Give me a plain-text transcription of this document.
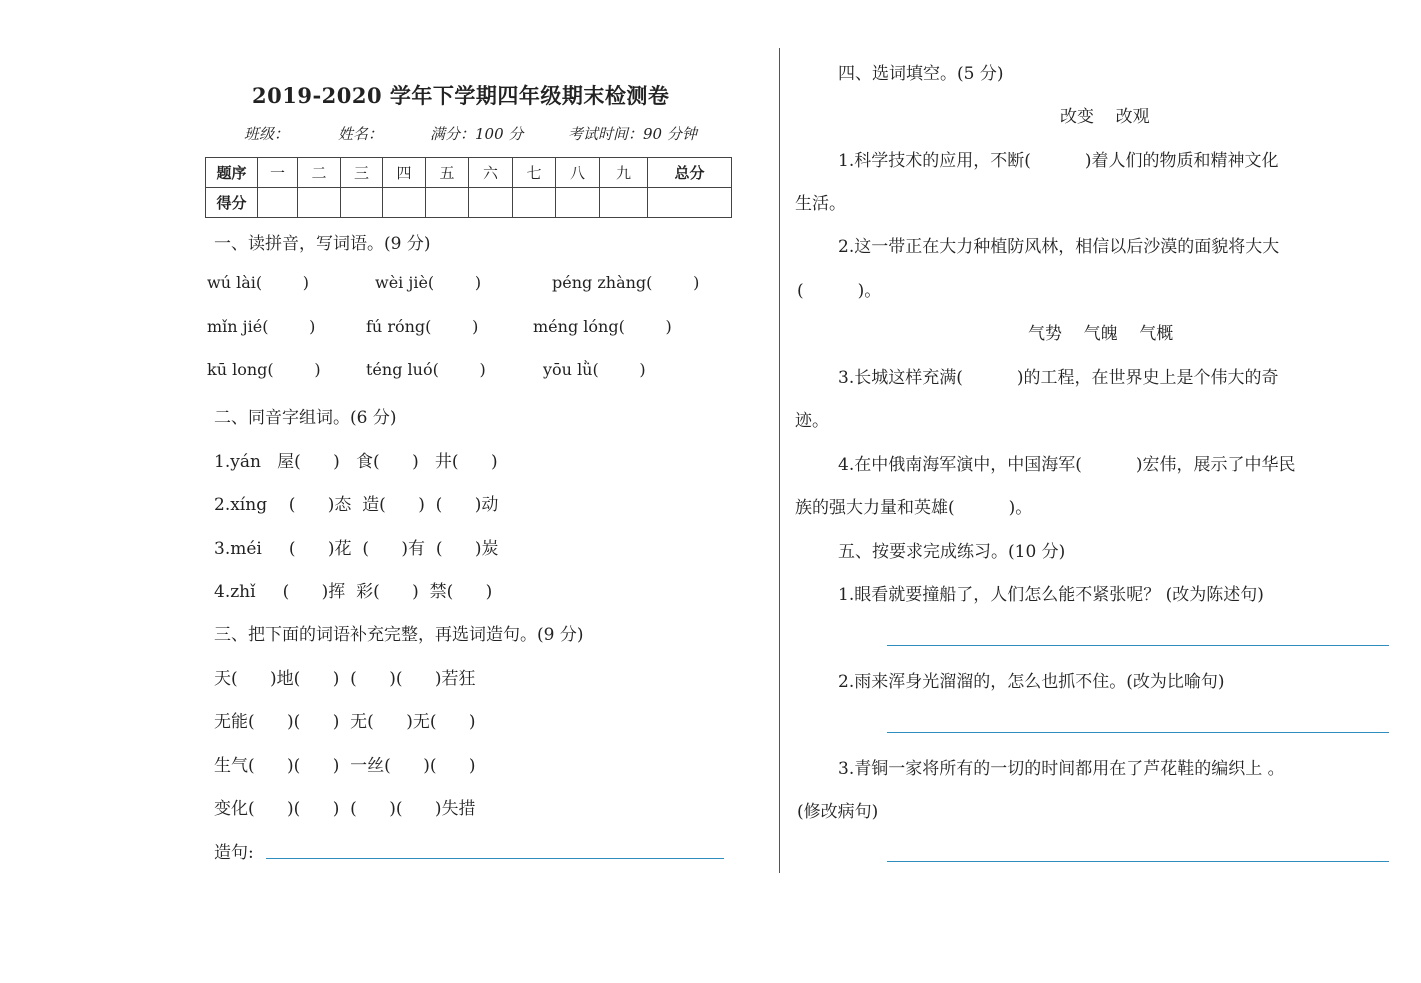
2019-2020 学年下学期四年级期末检测卷
班级：	姓名：	满分：100 分	考试时间：90 分钟
题序	一	二	三	四	五	六	七	八	九	总分
得分										
一、读拼音，写词语。(9 分)
wú lài(        )	wèi jiè(        )	péng zhàng(        )
mǐn jié(        )	fú róng(        )	méng lóng(        )
kū long(        )	téng luó(        )	yōu lǜ(        )
二、同音字组词。(6 分)
1.yán   屋(      )   食(      )   井(      )
2.xíng    (      )态  造(      )  (      )动
3.méi     (      )花  (      )有  (      )炭
4.zhǐ     (      )挥  彩(      )  禁(      )
三、把下面的词语补充完整，再选词造句。(9 分)
天(      )地(      )  (      )(      )若狂
无能(      )(      )  无(      )无(      )
生气(      )(      )  一丝(      )(      )
变化(      )(      )  (      )(      )失措
造句:
四、选词填空。(5 分)
改变    改观
1.科学技术的应用，不断(          )着人们的物质和精神文化
生活。
2.这一带正在大力种植防风林，相信以后沙漠的面貌将大大
(          )。
气势    气魄    气概
3.长城这样充满(          )的工程，在世界史上是个伟大的奇
迹。
4.在中俄南海军演中，中国海军(          )宏伟，展示了中华民
族的强大力量和英雄(          )。
五、按要求完成练习。(10 分)
1.眼看就要撞船了，人们怎么能不紧张呢？ (改为陈述句)
2.雨来浑身光溜溜的，怎么也抓不住。(改为比喻句)
3.青铜一家将所有的一切的时间都用在了芦花鞋的编织上 。
(修改病句)
